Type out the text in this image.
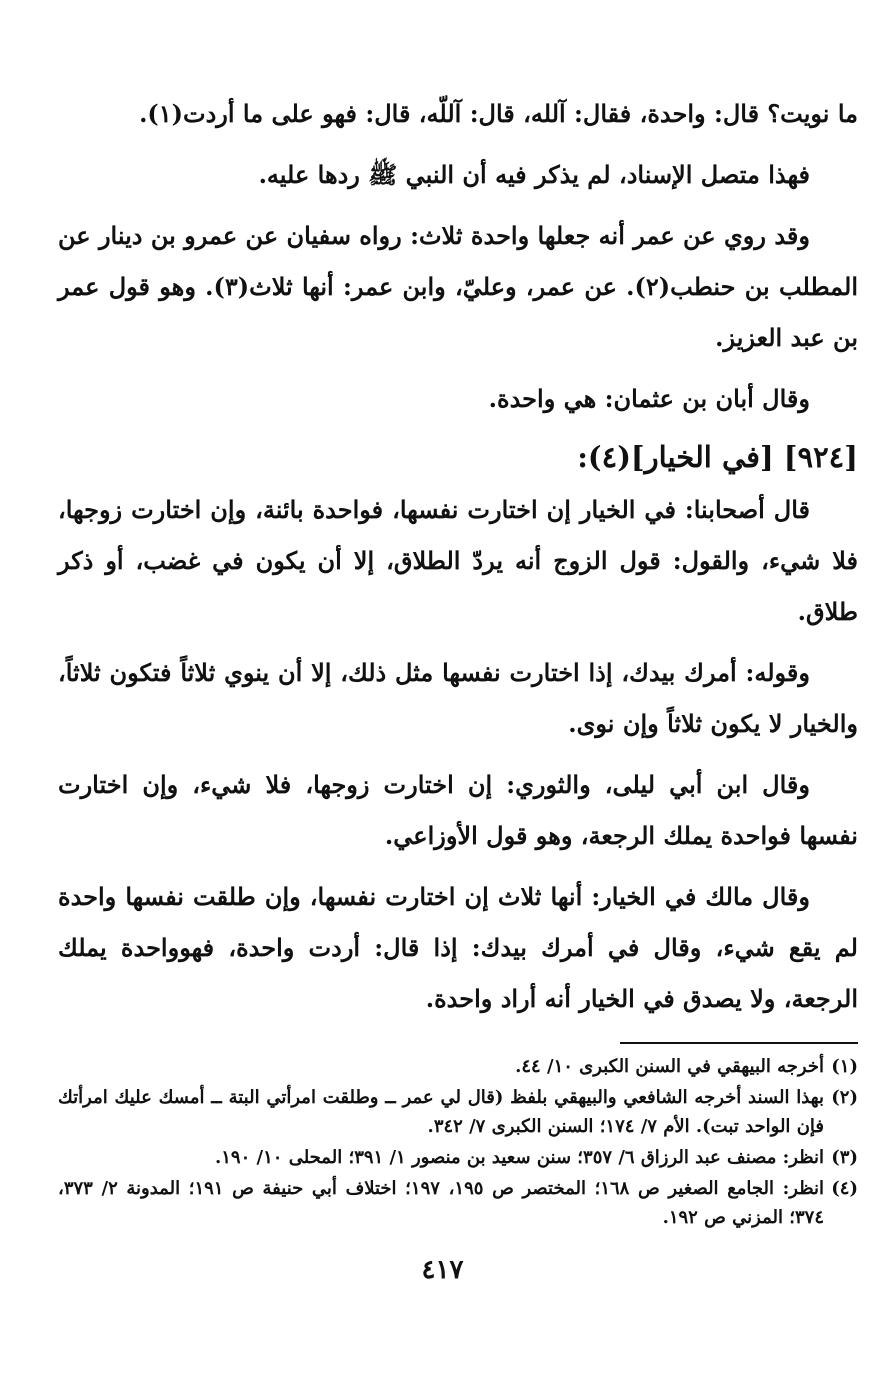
ما نويت؟ قال: واحدة، فقال: آلله، قال: آللّه، قال: فهو على ما أردت(١).

فهذا متصل الإسناد، لم يذكر فيه أن النبي ﷺ ردها عليه.

وقد روي عن عمر أنه جعلها واحدة ثلاث: رواه سفيان عن عمرو بن دينار عن المطلب بن حنطب(٢). عن عمر، وعليّ، وابن عمر: أنها ثلاث(٣). وهو قول عمر بن عبد العزيز.

وقال أبان بن عثمان: هي واحدة.

[٩٢٤] [في الخيار](٤):

قال أصحابنا: في الخيار إن اختارت نفسها، فواحدة بائنة، وإن اختارت زوجها، فلا شيء، والقول: قول الزوج أنه يردّ الطلاق، إلا أن يكون في غضب، أو ذكر طلاق.

وقوله: أمرك بيدك، إذا اختارت نفسها مثل ذلك، إلا أن ينوي ثلاثاً فتكون ثلاثاً، والخيار لا يكون ثلاثاً وإن نوى.

وقال ابن أبي ليلى، والثوري: إن اختارت زوجها، فلا شيء، وإن اختارت نفسها فواحدة يملك الرجعة، وهو قول الأوزاعي.

وقال مالك في الخيار: أنها ثلاث إن اختارت نفسها، وإن طلقت نفسها واحدة لم يقع شيء، وقال في أمرك بيدك: إذا قال: أردت واحدة، فهوواحدة يملك الرجعة، ولا يصدق في الخيار أنه أراد واحدة.

(١)
أخرجه البيهقي في السنن الكبرى ١٠/ ٤٤.
(٢)
بهذا السند أخرجه الشافعي والبيهقي بلفظ (قال لي عمر ــ وطلقت امرأتي البتة ــ أمسك عليك امرأتك فإن الواحد تبت). الأم ٧/ ١٧٤؛ السنن الكبرى ٧/ ٣٤٢.
(٣)
انظر: مصنف عبد الرزاق ٦/ ٣٥٧؛ سنن سعيد بن منصور ١/ ٣٩١؛ المحلى ١٠/ ١٩٠.
(٤)
انظر: الجامع الصغير ص ١٦٨؛ المختصر ص ١٩٥، ١٩٧؛ اختلاف أبي حنيفة ص ١٩١؛ المدونة ٢/ ٣٧٣، ٣٧٤؛ المزني ص ١٩٢.
٤١٧
